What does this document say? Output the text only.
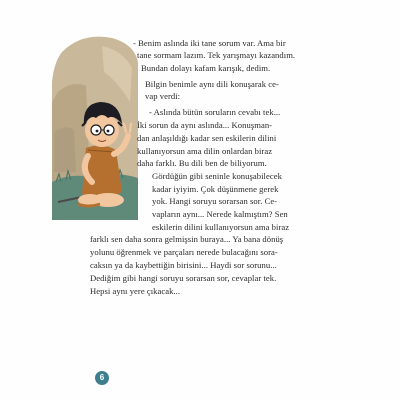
- Benim aslında iki tane sorum var. Ama bir
tane sormam lazım. Tek yarışmayı kazandım.
Bundan dolayı kafam karışık, dedim.
Bilgin benimle aynı dili konuşarak ce-
vap verdi:
- Aslında bütün soruların cevabı tek...
İki sorun da aynı aslında... Konuşman-
dan anlaşıldığı kadar sen eskilerin dilini
kullanıyorsun ama dilin onlardan biraz
daha farklı. Bu dili ben de biliyorum.
Gördüğün gibi seninle konuşabilecek
kadar iyiyim. Çok düşünmene gerek
yok. Hangi soruyu sorarsan sor. Ce-
vapların aynı... Nerede kalmıştım? Sen
eskilerin dilini kullanıyorsun ama biraz
farklı sen daha sonra gelmişsin buraya... Ya bana dönüş
yolunu öğrenmek ve parçaları nerede bulacağını sora-
caksın ya da kaybettiğin birisini... Haydi sor sorunu...
Dediğim gibi hangi soruyu sorarsan sor, cevaplar tek.
Hepsi aynı yere çıkacak...
6
